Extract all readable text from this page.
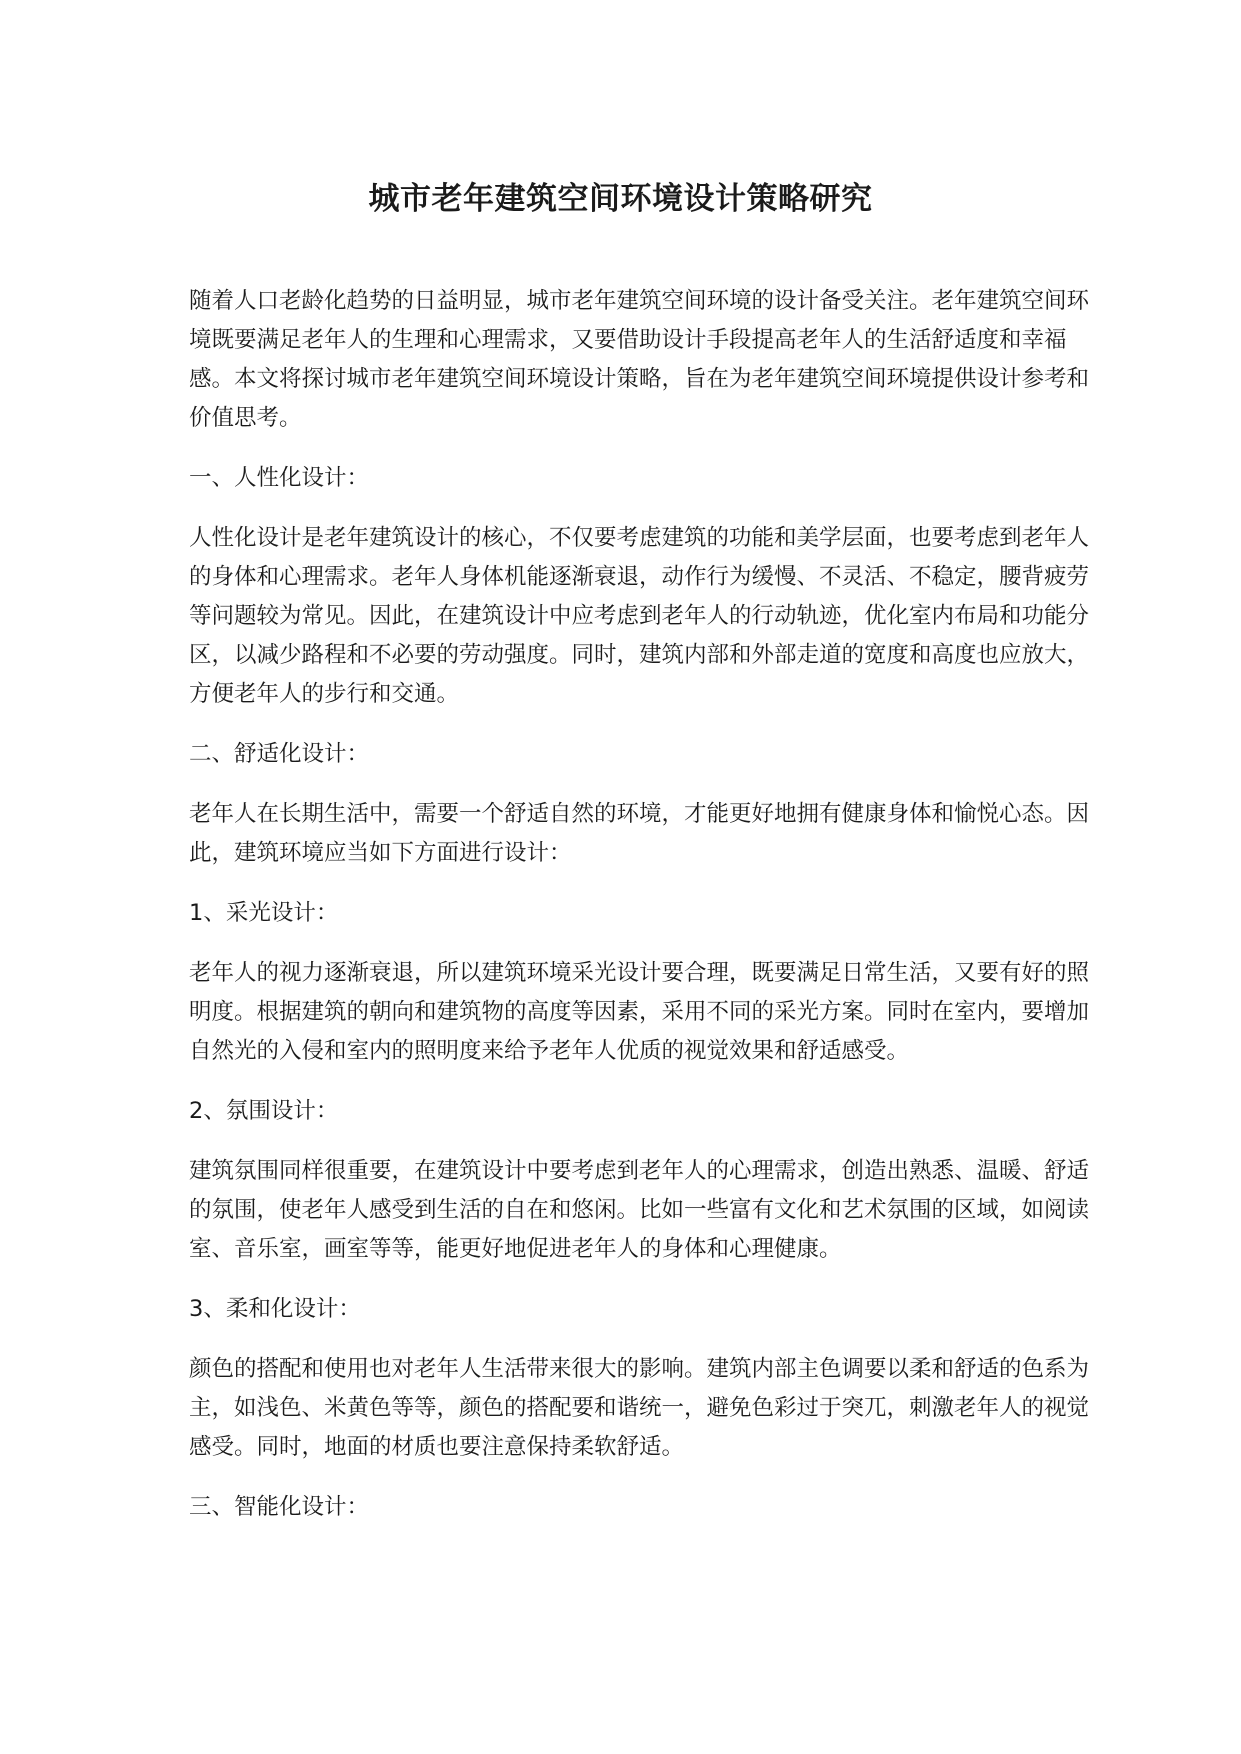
城市老年建筑空间环境设计策略研究

随着人口老龄化趋势的日益明显，城市老年建筑空间环境的设计备受关注。老年建筑空间环境既要满足老年人的生理和心理需求，又要借助设计手段提高老年人的生活舒适度和幸福感。本文将探讨城市老年建筑空间环境设计策略，旨在为老年建筑空间环境提供设计参考和价值思考。

一、人性化设计：

人性化设计是老年建筑设计的核心，不仅要考虑建筑的功能和美学层面，也要考虑到老年人的身体和心理需求。老年人身体机能逐渐衰退，动作行为缓慢、不灵活、不稳定，腰背疲劳等问题较为常见。因此，在建筑设计中应考虑到老年人的行动轨迹，优化室内布局和功能分区，以减少路程和不必要的劳动强度。同时，建筑内部和外部走道的宽度和高度也应放大，方便老年人的步行和交通。

二、舒适化设计：

老年人在长期生活中，需要一个舒适自然的环境，才能更好地拥有健康身体和愉悦心态。因此，建筑环境应当如下方面进行设计：

1、采光设计：

老年人的视力逐渐衰退，所以建筑环境采光设计要合理，既要满足日常生活，又要有好的照明度。根据建筑的朝向和建筑物的高度等因素，采用不同的采光方案。同时在室内，要增加自然光的入侵和室内的照明度来给予老年人优质的视觉效果和舒适感受。

2、氛围设计：

建筑氛围同样很重要，在建筑设计中要考虑到老年人的心理需求，创造出熟悉、温暖、舒适的氛围，使老年人感受到生活的自在和悠闲。比如一些富有文化和艺术氛围的区域，如阅读室、音乐室，画室等等，能更好地促进老年人的身体和心理健康。

3、柔和化设计：

颜色的搭配和使用也对老年人生活带来很大的影响。建筑内部主色调要以柔和舒适的色系为主，如浅色、米黄色等等，颜色的搭配要和谐统一，避免色彩过于突兀，刺激老年人的视觉感受。同时，地面的材质也要注意保持柔软舒适。

三、智能化设计：
